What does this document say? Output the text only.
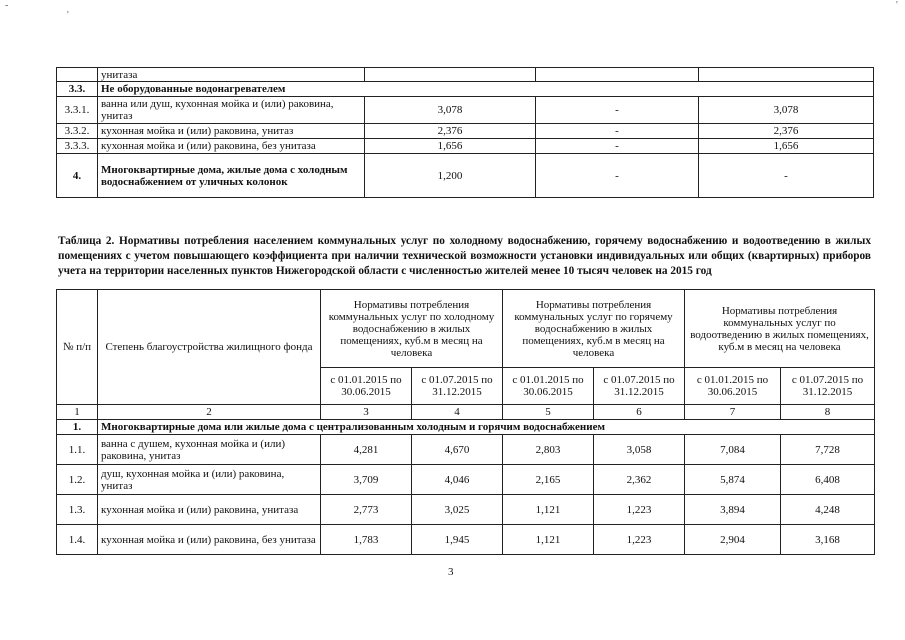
-
'
'
	унитаза			
3.3.	Не оборудованные водонагревателем			
3.3.1.	ванна или душ, кухонная мойка и (или) раковина, унитаз	3,078	-	3,078
3.3.2.	кухонная мойка и (или) раковина, унитаз	2,376	-	2,376
3.3.3.	кухонная мойка и (или) раковина, без унитаза	1,656	-	1,656
4.	Многоквартирные дома, жилые дома с холодным водоснабжением от уличных колонок	1,200	-	-
Таблица 2. Нормативы потребления населением коммунальных услуг по холодному водоснабжению, горячему водоснабжению и водоотведению в жилых помещениях с учетом повышающего коэффициента при наличии технической возможности установки индивидуальных или общих (квартирных) приборов учета на территории населенных пунктов Нижегородской области с численностью жителей менее 10 тысяч человек на 2015 год
№ п/п	Степень благоустройства жилищного фонда	Нормативы потребления коммунальных услуг по холодному водоснабжению в жилых помещениях, куб.м в месяц на человека		Нормативы потребления коммунальных услуг по горячему водоснабжению в жилых помещениях, куб.м в месяц на человека		Нормативы потребления коммунальных услуг по водоотведению в жилых помещениях, куб.м в месяц на человека	
		с 01.01.2015 по 30.06.2015	с 01.07.2015 по 31.12.2015	с 01.01.2015 по 30.06.2015	с 01.07.2015 по 31.12.2015	с 01.01.2015 по 30.06.2015	с 01.07.2015 по 31.12.2015
1	2	3	4	5	6	7	8
1.	Многоквартирные дома или жилые дома с централизованным холодным и горячим водоснабжением						
1.1.	ванна с душем, кухонная мойка и (или) раковина, унитаз	4,281	4,670	2,803	3,058	7,084	7,728
1.2.	душ, кухонная мойка и (или) раковина, унитаз	3,709	4,046	2,165	2,362	5,874	6,408
1.3.	кухонная мойка и (или) раковина, унитаза	2,773	3,025	1,121	1,223	3,894	4,248
1.4.	кухонная мойка и (или) раковина, без унитаза	1,783	1,945	1,121	1,223	2,904	3,168
3
